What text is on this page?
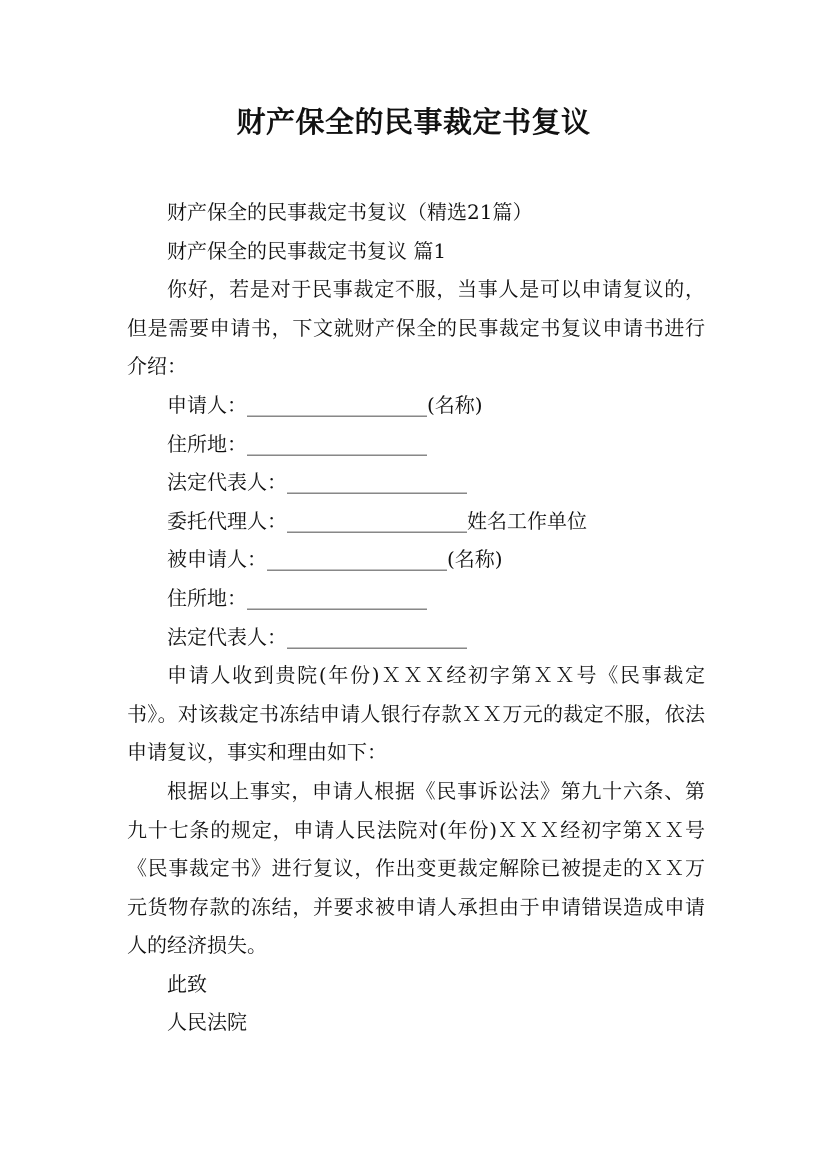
财产保全的民事裁定书复议

财产保全的民事裁定书复议（精选21篇）

财产保全的民事裁定书复议 篇1

你好，若是对于民事裁定不服，当事人是可以申请复议的，但是需要申请书，下文就财产保全的民事裁定书复议申请书进行介绍：

申请人：__________________(名称)

住所地：__________________

法定代表人：__________________

委托代理人：__________________姓名工作单位

被申请人：__________________(名称)

住所地：__________________

法定代表人：__________________

申请人收到贵院(年份)ＸＸＸ经初字第ＸＸ号《民事裁定书》。对该裁定书冻结申请人银行存款ＸＸ万元的裁定不服，依法申请复议，事实和理由如下：

根据以上事实，申请人根据《民事诉讼法》第九十六条、第九十七条的规定，申请人民法院对(年份)ＸＸＸ经初字第ＸＸ号《民事裁定书》进行复议，作出变更裁定解除已被提走的ＸＸ万元货物存款的冻结，并要求被申请人承担由于申请错误造成申请人的经济损失。

此致

人民法院
